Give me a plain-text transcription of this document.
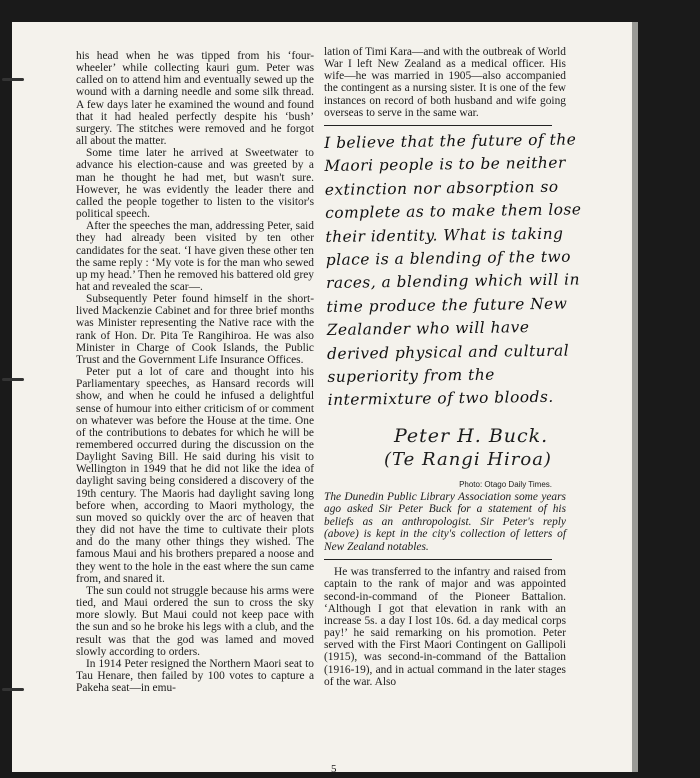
his head when he was tipped from his ‘four-wheeler’ while collecting kauri gum. Peter was called on to attend him and eventually sewed up the wound with a darning needle and some silk thread. A few days later he examined the wound and found that it had healed perfectly despite his ‘bush’ surgery. The stitches were removed and he forgot all about the matter.

Some time later he arrived at Sweetwater to advance his election-cause and was greeted by a man he thought he had met, but wasn't sure. However, he was evidently the leader there and called the people together to listen to the visitor's political speech.

After the speeches the man, addressing Peter, said they had already been visited by ten other candidates for the seat. ‘I have given these other ten the same reply : ‘My vote is for the man who sewed up my head.’ Then he removed his battered old grey hat and revealed the scar—.

Subsequently Peter found himself in the short-lived Mackenzie Cabinet and for three brief months was Minister representing the Native race with the rank of Hon. Dr. Pita Te Rangihiroa. He was also Minister in Charge of Cook Islands, the Public Trust and the Government Life Insurance Offices.

Peter put a lot of care and thought into his Parliamentary speeches, as Hansard records will show, and when he could he infused a delightful sense of humour into either criticism of or comment on whatever was before the House at the time. One of the contributions to debates for which he will be remembered occurred during the discussion on the Daylight Saving Bill. He said during his visit to Wellington in 1949 that he did not like the idea of daylight saving being considered a discovery of the 19th century. The Maoris had daylight saving long before when, according to Maori mythology, the sun moved so quickly over the arc of heaven that they did not have the time to cultivate their plots and do the many other things they wished. The famous Maui and his brothers prepared a noose and they went to the hole in the east where the sun came from, and snared it.

The sun could not struggle because his arms were tied, and Maui ordered the sun to cross the sky more slowly. But Maui could not keep pace with the sun and so he broke his legs with a club, and the result was that the god was lamed and moved slowly according to orders.

In 1914 Peter resigned the Northern Maori seat to Tau Henare, then failed by 100 votes to capture a Pakeha seat—in emu-

lation of Timi Kara—and with the outbreak of World War I left New Zealand as a medical officer. His wife—he was married in 1905—also accompanied the contingent as a nursing sister. It is one of the few instances on record of both husband and wife going overseas to serve in the same war.

I believe that the future of the Maori people is to be neither extinction nor absorption so complete as to make them lose their identity. What is taking place is a blending of the two races, a blending which will in time produce the future New Zealander who will have derived physical and cultural superiority from the intermixture of two bloods.
Peter H. Buck.
(Te Rangi Hiroa)
Photo: Otago Daily Times.

The Dunedin Public Library Association some years ago asked Sir Peter Buck for a statement of his beliefs as an anthropologist. Sir Peter's reply (above) is kept in the city's collection of letters of New Zealand notables.

He was transferred to the infantry and raised from captain to the rank of major and was appointed second-in-command of the Pioneer Battalion. ‘Although I got that elevation in rank with an increase 5s. a day I lost 10s. 6d. a day medical corps pay!’ he said remarking on his promotion. Peter served with the First Maori Contingent on Gallipoli (1915), was second-in-command of the Battalion (1916-19), and in actual command in the later stages of the war. Also

5
